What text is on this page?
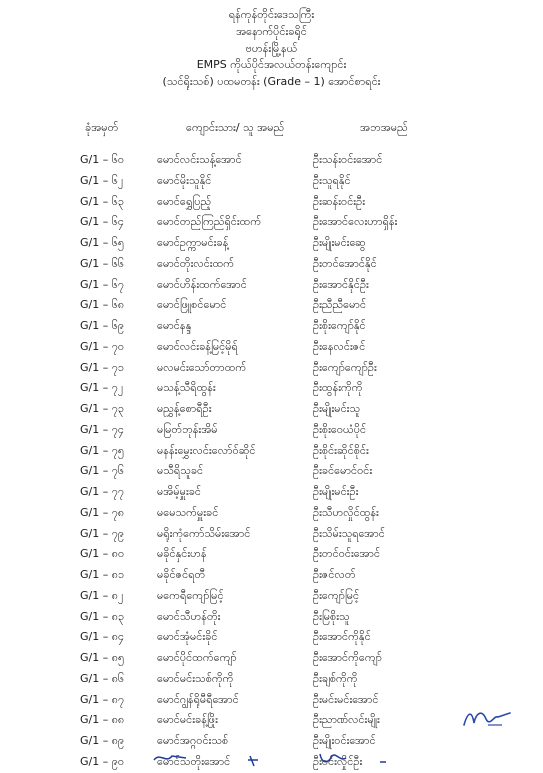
ရန်ကုန်တိုင်းဒေသကြီး
အနောက်ပိုင်းခရိုင်
ဗဟန်းမြို့နယ်
EMPS ကိုယ်ပိုင်အလယ်တန်းကျောင်း
(သင်ရိုးသစ်) ပထမတန်း (Grade – 1) အောင်စာရင်း
ခုံအမှတ်	ကျောင်းသား/ သူ အမည်	အဘအမည်
G/1 – ၆၀	မောင်လင်းသန့်အောင်	ဦးသန်းဝင်းအောင်
G/1 – ၆၂	မောင်မိုးသူနိုင်	ဦးသူရနိုင်
G/1 – ၆၃	မောင်ရွှေပြည့်	ဦးဆန်းဝင်းဦး
G/1 – ၆၄	မောင်တည်ကြည်ရှိင်းထက်	ဦးအောင်လေးဟာရှိန်း
G/1 – ၆၅	မောင်ဥက္ကာမင်းခန့်	ဦးမျိုးမင်းဆွေ
G/1 – ၆၆	မောင်တိုးလင်းထက်	ဦးတင်အောင်နိုင်
G/1 – ၆၇	မောင်ဟိန်းထက်အောင်	ဦးအောင်နိုင်ဦး
G/1 – ၆၈	မောင်ဖြူစင်မောင်	ဦးညီညီမောင်
G/1 – ၆၉	မောင်နန္ဒ	ဦးစိုးကျော်နိုင်
G/1 – ၇၀	မောင်လင်းခန့်မြင့်မိုရ်	ဦးနေလင်းဇင်
G/1 – ၇၁	မလမင်းသော်တာထက်	ဦးကျော်ကျော်ဦး
G/1 – ၇၂	မသန့်သီရိထွန်း	ဦးထွန်းကိုကို
G/1 – ၇၃	မညွှန့်စောရီဦး	ဦးမျိုးမင်းသူ
G/1 – ၇၄	မမြတ်ဘုန်းအိမ်	ဦးစိုးဝေယံပိုင်
G/1 – ၇၅	မနန်းမွှေးလင်းလော်ဝ်ဆိုင်	ဦးစိုင်းဆိုင်စိုင်း
G/1 – ၇၆	မသီရိသူခင်	ဦးခင်မောင်ဝင်း
G/1 – ၇၇	မအိမ့်မှူးခင်	ဦးမျိုးမင်းဦး
G/1 – ၇၈	မမေသက်မှူးခင်	ဦးသီဟလှိုင်ထွန်း
G/1 – ၇၉	မရိုးကုံကော်သိမ်းအောင်	ဦးသိမ်းသူရအောင်
G/1 – ၈၀	မခိုင်နှင်းဟန်	ဦးတင်ဝင်းအောင်
G/1 – ၈၁	မခိုင်ဇင်ရတီ	ဦးဇင်လတ်
G/1 – ၈၂	မကေရီကျော်မြင့်	ဦးကျော်မြင့်
G/1 – ၈၃	မောင်သီဟန်တိုး	ဦးမြစိုးသူ
G/1 – ၈၄	မောင်အုံမင်းခိုင်	ဦးအောင်ကိုနိုင်
G/1 – ၈၅	မောင်ပိုင်ထက်ကျော်	ဦးအောင်ကိုကျော်
G/1 – ၈၆	မောင်မင်းသစ်ကိုကို	ဦးချစ်ကိုကို
G/1 – ၈၇	မောင်ဂျွန်ရိုမီရီအောင်	ဦးမင်းမင်းအောင်
G/1 – ၈၈	မောင်မင်းခန့်ဖြိုး	ဦးညာဏ်လင်းမျိုး
G/1 – ၈၉	မောင်အဂ္ဂဝင်းသစ်	ဦးမျိုးဝင်းအောင်
G/1 – ၉၀	မောင်သတိုးအောင်	ဦးဝင်းလှိုင်ဦး
